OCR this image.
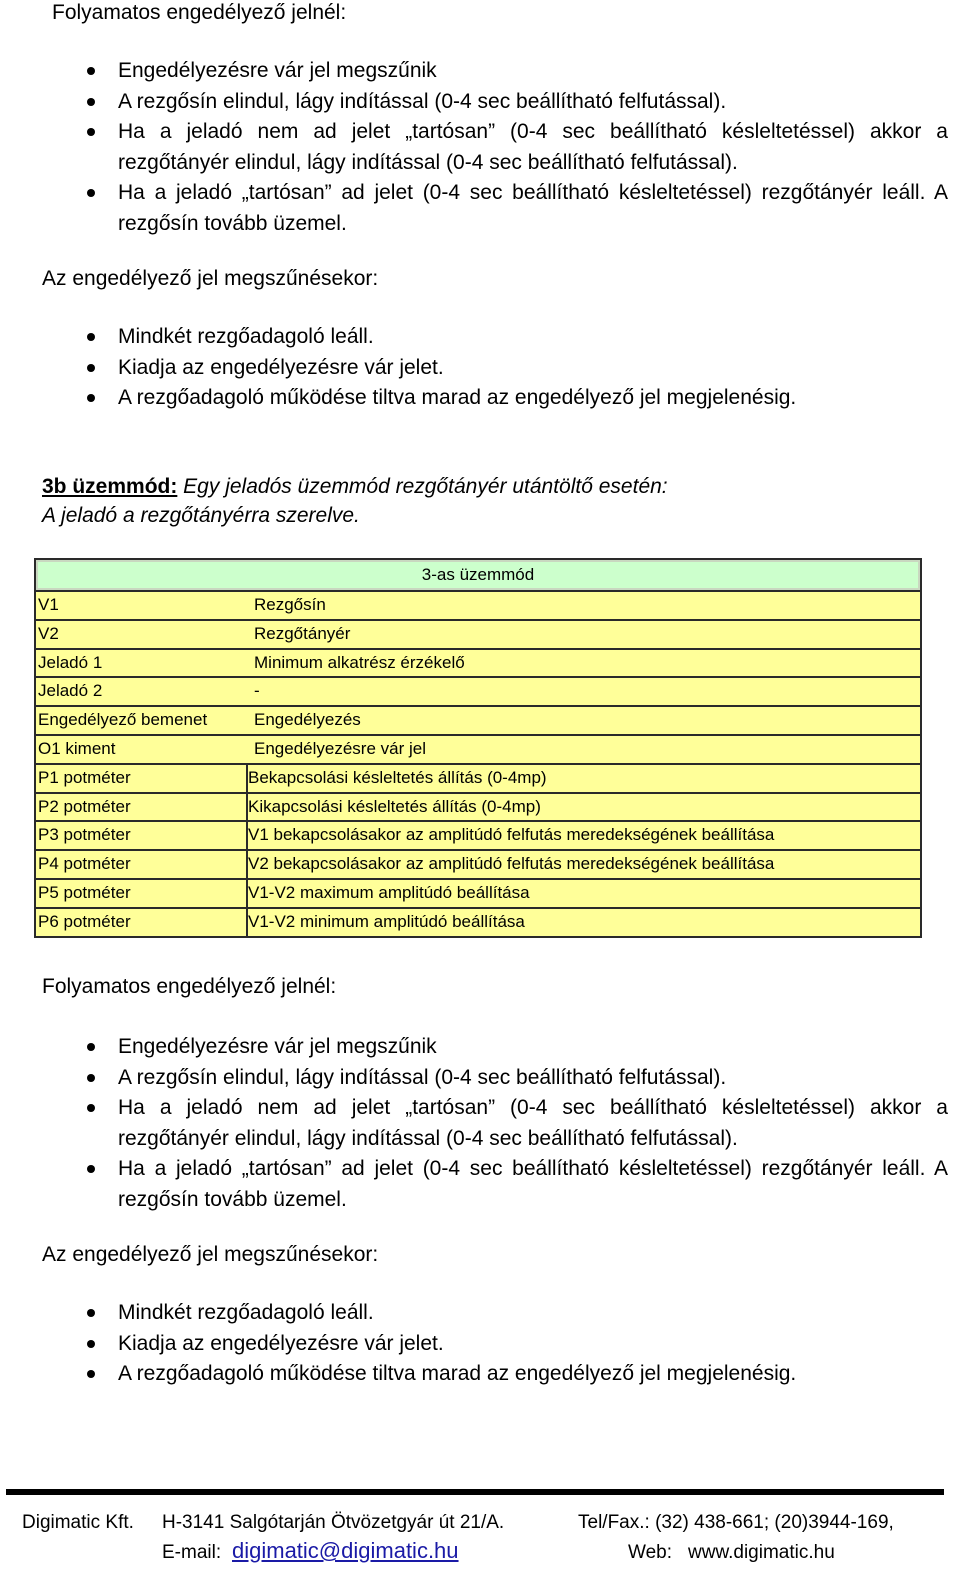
Folyamatos engedélyező jelnél:

Engedélyezésre vár jel megszűnik
A rezgősín elindul, lágy indítással (0-4 sec beállítható felfutással).
Ha a jeladó nem ad jelet „tartósan” (0-4 sec beállítható késleltetéssel) akkor a rezgőtányér elindul, lágy indítással (0-4 sec beállítható felfutással).
Ha a jeladó „tartósan” ad jelet (0-4 sec beállítható késleltetéssel) rezgőtányér leáll. A rezgősín tovább üzemel.

Az engedélyező jel megszűnésekor:

Mindkét rezgőadagoló leáll.
Kiadja az engedélyezésre vár jelet.
A rezgőadagoló működése tiltva marad az engedélyező jel megjelenésig.
3b üzemmód: Egy jeladós üzemmód rezgőtányér utántöltő esetén:
A jeladó a rezgőtányérra szerelve.
3-as üzemmód
V1	Rezgősín
V2	Rezgőtányér
Jeladó 1	Minimum alkatrész érzékelő
Jeladó 2	-
Engedélyező bemenet	Engedélyezés
O1 kiment	Engedélyezésre vár jel
P1 potméter	Bekapcsolási késleltetés állítás (0-4mp)
P2 potméter	Kikapcsolási késleltetés állítás (0-4mp)
P3 potméter	V1 bekapcsolásakor az amplitúdó felfutás meredekségének beállítása
P4 potméter	V2 bekapcsolásakor az amplitúdó felfutás meredekségének beállítása
P5 potméter	V1-V2 maximum amplitúdó beállítása
P6 potméter	V1-V2 minimum amplitúdó beállítása

Folyamatos engedélyező jelnél:

Engedélyezésre vár jel megszűnik
A rezgősín elindul, lágy indítással (0-4 sec beállítható felfutással).
Ha a jeladó nem ad jelet „tartósan” (0-4 sec beállítható késleltetéssel) akkor a rezgőtányér elindul, lágy indítással (0-4 sec beállítható felfutással).
Ha a jeladó „tartósan” ad jelet (0-4 sec beállítható késleltetéssel) rezgőtányér leáll. A rezgősín tovább üzemel.

Az engedélyező jel megszűnésekor:

Mindkét rezgőadagoló leáll.
Kiadja az engedélyezésre vár jelet.
A rezgőadagoló működése tiltva marad az engedélyező jel megjelenésig.
Digimatic Kft. H-3141 Salgótarján Ötvözetgyár út 21/A.	Tel/Fax.: (32) 438-661; (20)3944-169,
E-mail: digimatic@digimatic.hu	Web: www.digimatic.hu
